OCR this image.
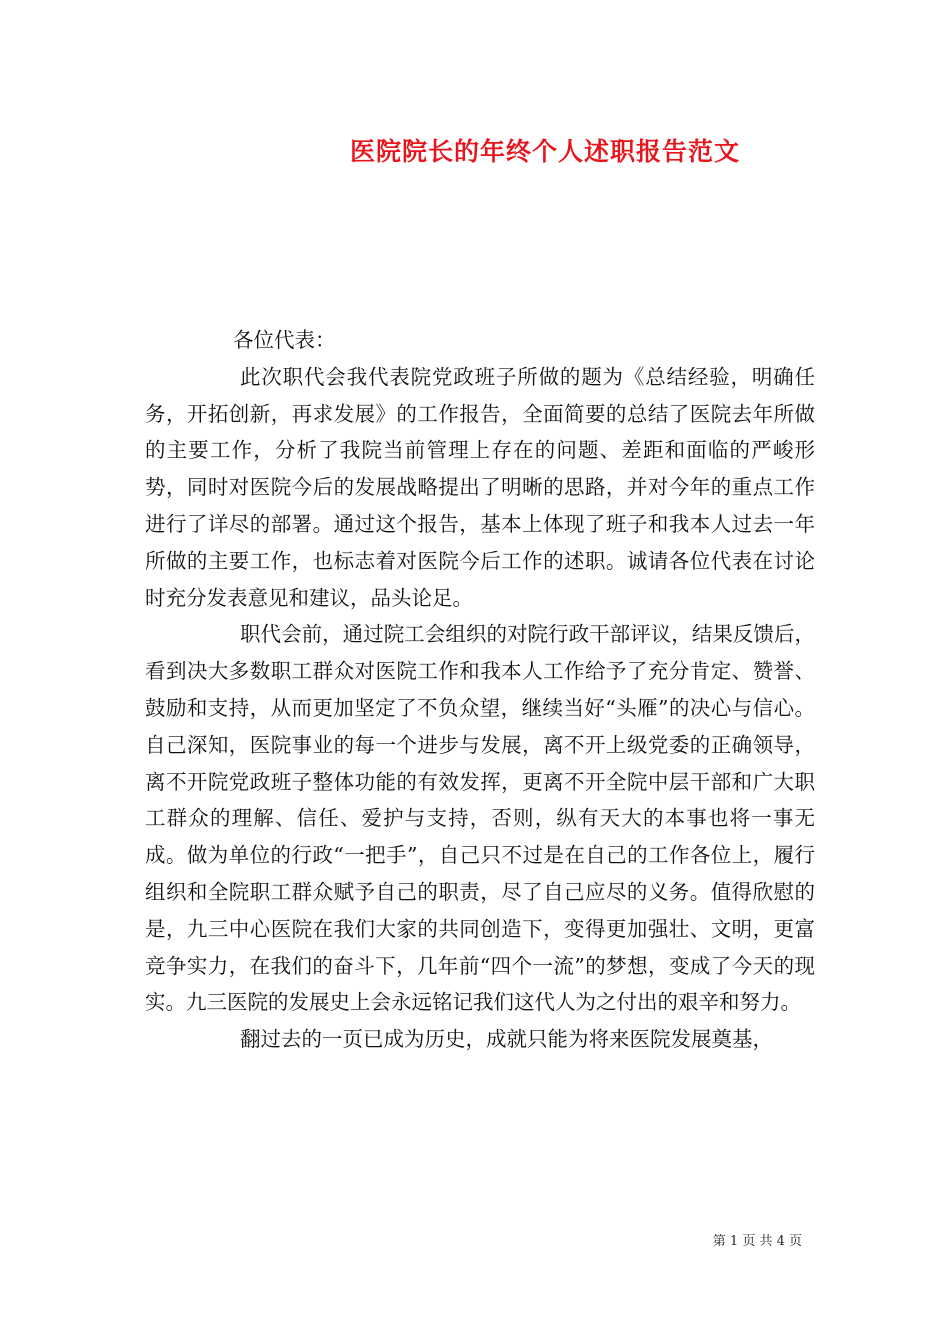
医院院长的年终个人述职报告范文

各位代表：

此次职代会我代表院党政班子所做的题为《总结经验，明确任务，开拓创新，再求发展》的工作报告，全面简要的总结了医院去年所做的主要工作，分析了我院当前管理上存在的问题、差距和面临的严峻形势，同时对医院今后的发展战略提出了明晰的思路，并对今年的重点工作进行了详尽的部署。通过这个报告，基本上体现了班子和我本人过去一年所做的主要工作，也标志着对医院今后工作的述职。诚请各位代表在讨论时充分发表意见和建议，品头论足。

职代会前，通过院工会组织的对院行政干部评议，结果反馈后，看到决大多数职工群众对医院工作和我本人工作给予了充分肯定、赞誉、鼓励和支持，从而更加坚定了不负众望，继续当好“头雁”的决心与信心。自己深知，医院事业的每一个进步与发展，离不开上级党委的正确领导，离不开院党政班子整体功能的有效发挥，更离不开全院中层干部和广大职工群众的理解、信任、爱护与支持，否则，纵有天大的本事也将一事无成。做为单位的行政“一把手”，自己只不过是在自己的工作各位上，履行组织和全院职工群众赋予自己的职责，尽了自己应尽的义务。值得欣慰的是，九三中心医院在我们大家的共同创造下，变得更加强壮、文明，更富竞争实力，在我们的奋斗下，几年前“四个一流”的梦想，变成了今天的现实。九三医院的发展史上会永远铭记我们这代人为之付出的艰辛和努力。

翻过去的一页已成为历史，成就只能为将来医院发展奠基，

第 1 页 共 4 页
